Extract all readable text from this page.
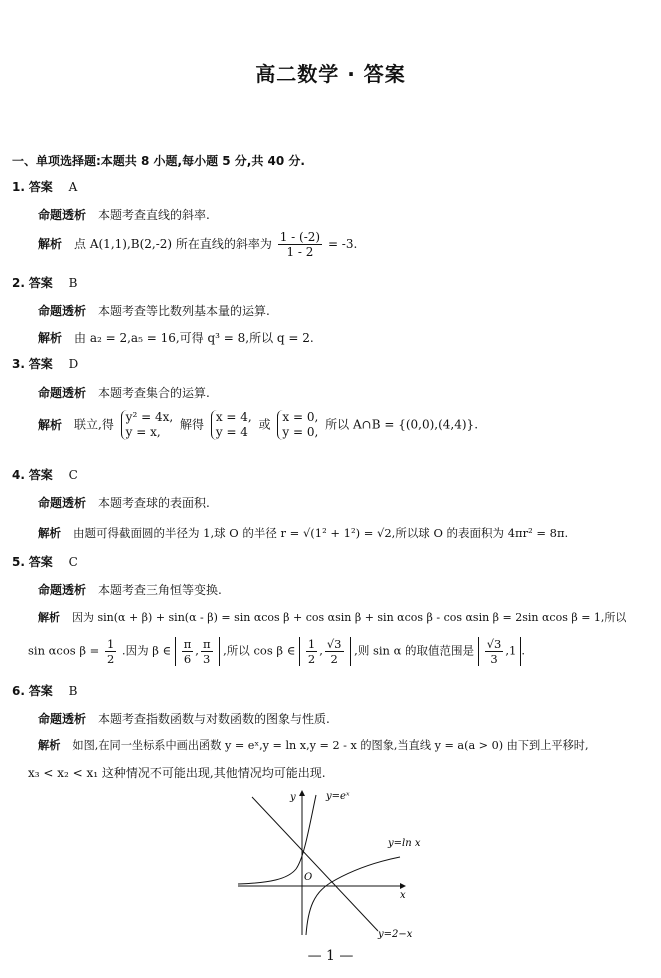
高二数学 · 答案
一、单项选择题:本题共 8 小题,每小题 5 分,共 40 分.
1. 答案 A
命题透析 本题考查直线的斜率.
解析 点 A(1,1),B(2,-2) 所在直线的斜率为 $\frac{1 - (-2)}{1 - 2} = -3$.
2. 答案 B
命题透析 本题考查等比数列基本量的运算.
解析 由 a₂ = 2,a₅ = 16,可得 q³ = 8,所以 q = 2.
3. 答案 D
命题透析 本题考查集合的运算.
解析 联立,得
y² = 4x,
y = x,
解得
x = 4,
y = 4
或
x = 0,
y = 0,
所以 A∩B = {(0,0),(4,4)}.
4. 答案 C
命题透析 本题考查球的表面积.
解析 由题可得截面圆的半径为 1,球 O 的半径 r = √(1² + 1²) = √2,所以球 O 的表面积为 4πr² = 8π.
5. 答案 C
命题透析 本题考查三角恒等变换.
解析 因为 sin(α + β) + sin(α - β) = sin αcos β + cos αsin β + sin αcos β - cos αsin β = 2sin αcos β = 1,所以
sin αcos $\beta = \frac{1}{2}$ .因为 β ∈ $\frac{\pi}{6}$ , $\frac{\pi}{3}$ ,所以 cos β ∈ $\frac{1}{2}$ , $\frac{√3}{2}$ ,则 sin α 的取值范围是 $\frac{√3}{3} ,1$ .
6. 答案 B
命题透析 本题考查指数函数与对数函数的图象与性质.
解析 如图,在同一坐标系中画出函数 y = eˣ,y = ln x,y = 2 - x 的图象,当直线 y = a(a > 0) 由下到上平移时,
x₃ < x₂ < x₁ 这种情况不可能出现,其他情况均可能出现.
y
x
O
y=eˣ
y=ln x
y=2−x
— 1 —
